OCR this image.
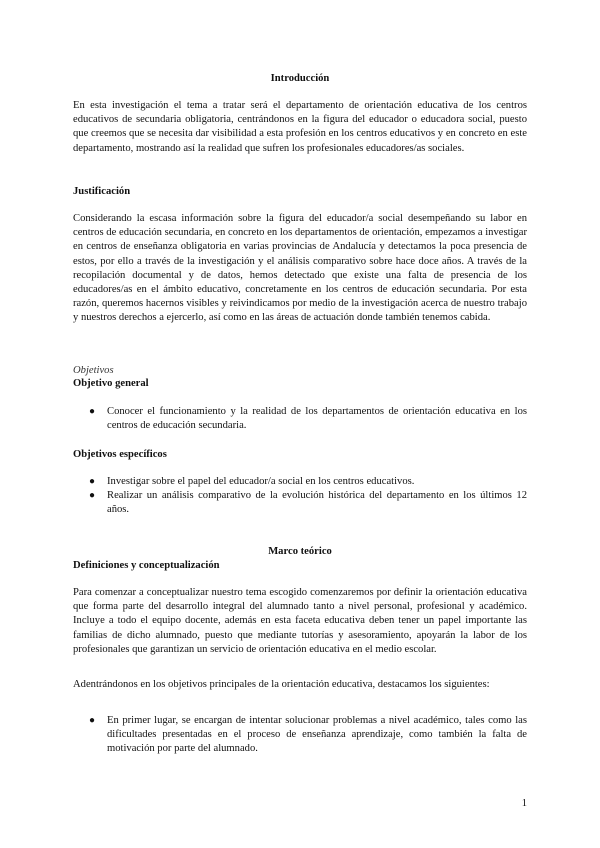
Introducción

En esta investigación el tema a tratar será el departamento de orientación educativa de los centros educativos de secundaria obligatoria, centrándonos en la figura del educador o educadora social, puesto que creemos que se necesita dar visibilidad a esta profesión en los centros educativos y en concreto en este departamento, mostrando así la realidad que sufren los profesionales educadores/as sociales.

Justificación

Considerando la escasa información sobre la figura del educador/a social desempeñando su labor en centros de educación secundaria, en concreto en los departamentos de orientación, empezamos a investigar en centros de enseñanza obligatoria en varias provincias de Andalucía y detectamos la poca presencia de estos, por ello a través de la investigación y el análisis comparativo sobre hace doce años. A través de la recopilación documental y de datos, hemos detectado que existe una falta de presencia de los educadores/as en el ámbito educativo, concretamente en los centros de educación secundaria. Por esta razón, queremos hacernos visibles y reivindicamos por medio de la investigación acerca de nuestro trabajo y nuestros derechos a ejercerlo, así como en las áreas de actuación donde también tenemos cabida.

Objetivos
Objetivo general
● Conocer el funcionamiento y la realidad de los departamentos de orientación educativa en los centros de educación secundaria.
Objetivos específicos
● Investigar sobre el papel del educador/a social en los centros educativos.
● Realizar un análisis comparativo de la evolución histórica del departamento en los últimos 12 años.
Marco teórico
Definiciones y conceptualización

Para comenzar a conceptualizar nuestro tema escogido comenzaremos por definir la orientación educativa que forma parte del desarrollo integral del alumnado tanto a nivel personal, profesional y académico. Incluye a todo el equipo docente, además en esta faceta educativa deben tener un papel importante las familias de dicho alumnado, puesto que mediante tutorías y asesoramiento, apoyarán la labor de los profesionales que garantizan un servicio de orientación educativa en el medio escolar.

Adentrándonos en los objetivos principales de la orientación educativa, destacamos los siguientes:

● En primer lugar, se encargan de intentar solucionar problemas a nivel académico, tales como las dificultades presentadas en el proceso de enseñanza aprendizaje, como también la falta de motivación por parte del alumnado.
1
